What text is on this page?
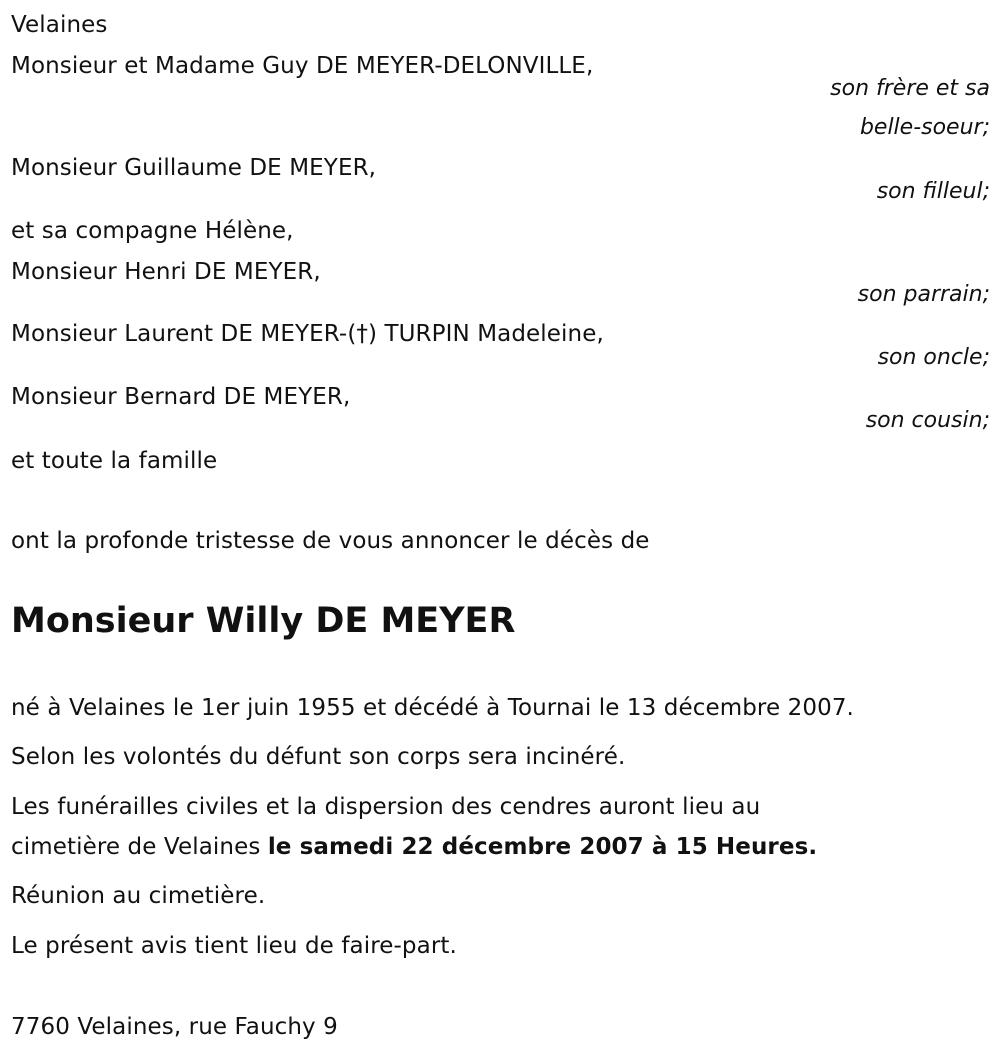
Velaines
Monsieur et Madame Guy DE MEYER-DELONVILLE,
son frère et sa
belle-soeur;
Monsieur Guillaume DE MEYER,
son filleul;
et sa compagne Hélène,
Monsieur Henri DE MEYER,
son parrain;
Monsieur Laurent DE MEYER-(†) TURPIN Madeleine,
son oncle;
Monsieur Bernard DE MEYER,
son cousin;
et toute la famille
ont la profonde tristesse de vous annoncer le décès de
Monsieur Willy DE MEYER
né à Velaines le 1er juin 1955 et décédé à Tournai le 13 décembre 2007.
Selon les volontés du défunt son corps sera incinéré.
Les funérailles civiles et la dispersion des cendres auront lieu au
cimetière de Velaines le samedi 22 décembre 2007 à 15 Heures.
Réunion au cimetière.
Le présent avis tient lieu de faire-part.
7760 Velaines, rue Fauchy 9
